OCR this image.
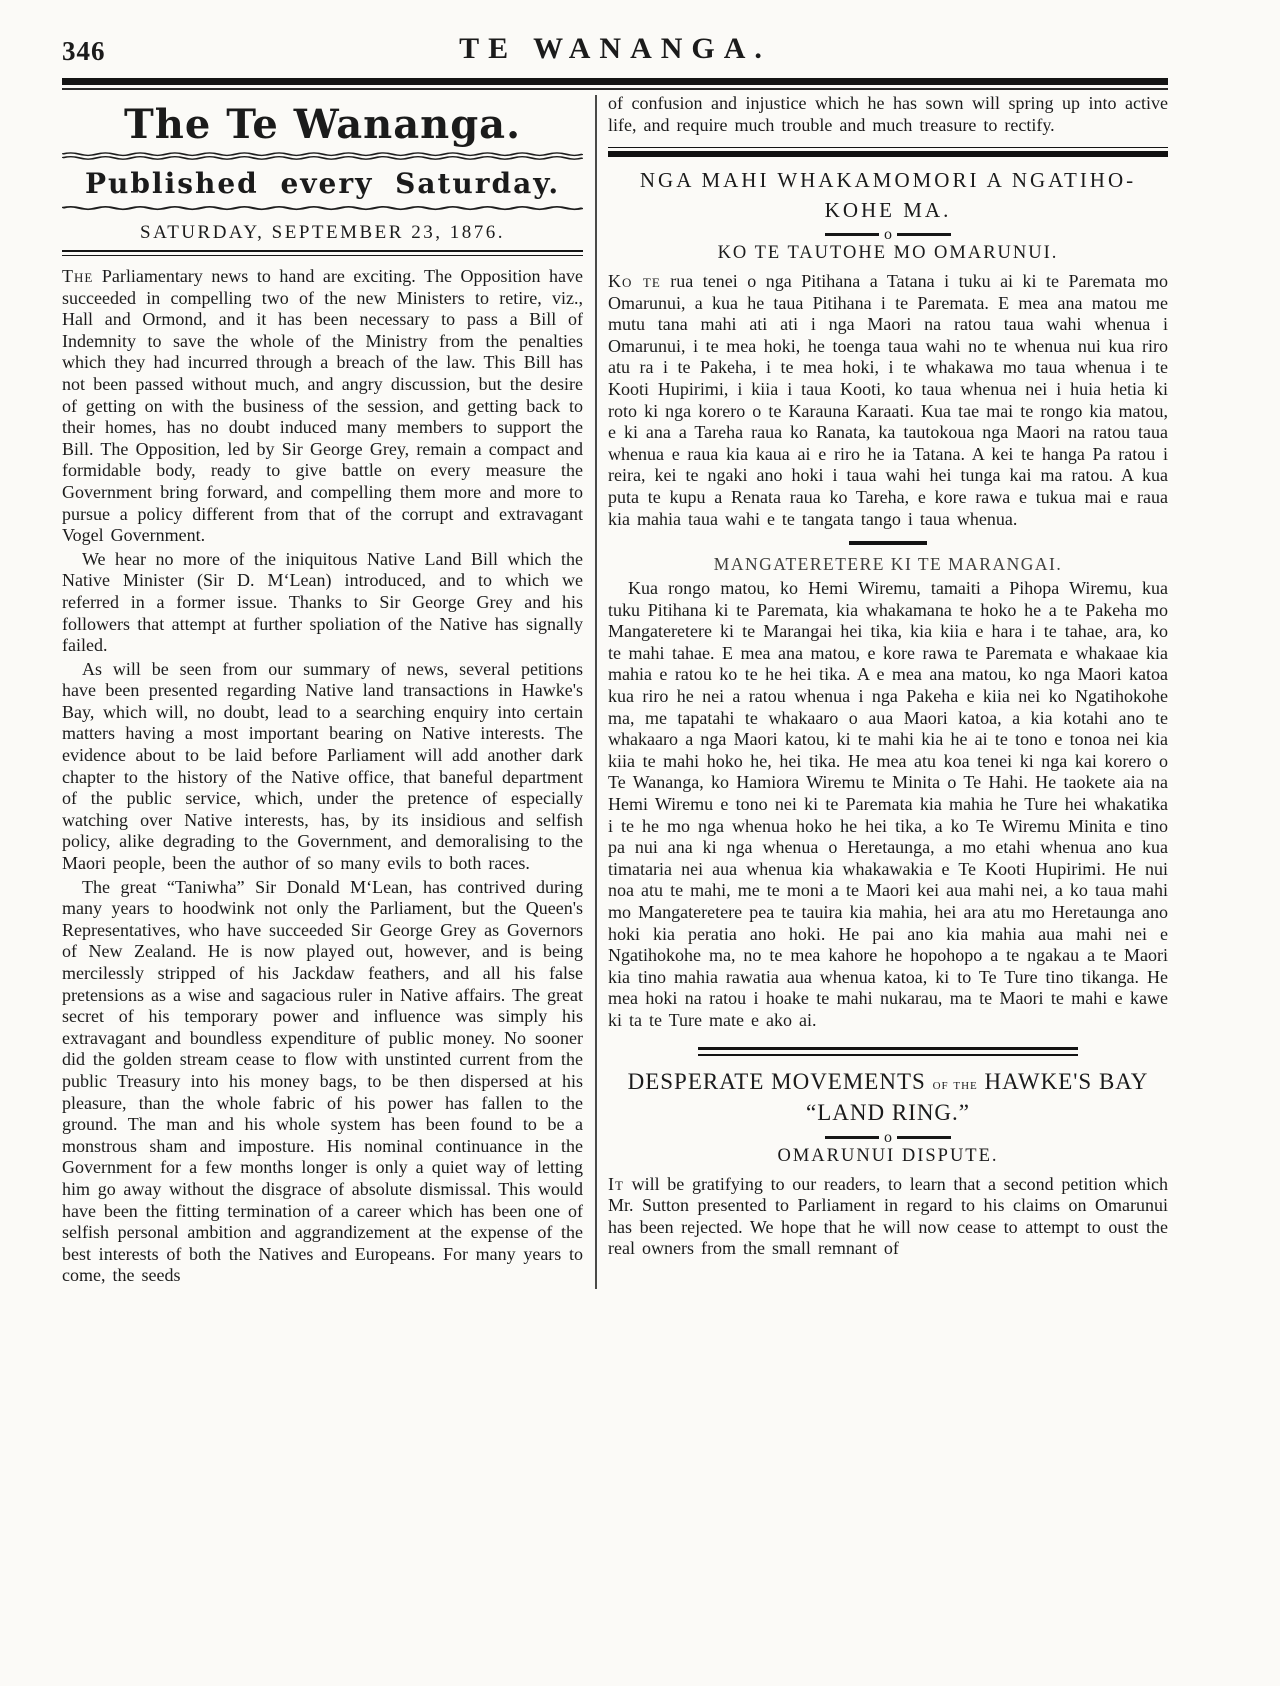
346	TE WANANGA.
The Te Wananga.
Published every Saturday.
SATURDAY, SEPTEMBER 23, 1876.

The Parliamentary news to hand are exciting. The Opposition have succeeded in compelling two of the new Ministers to retire, viz., Hall and Ormond, and it has been necessary to pass a Bill of Indemnity to save the whole of the Ministry from the penalties which they had incurred through a breach of the law. This Bill has not been passed without much, and angry discussion, but the desire of getting on with the business of the session, and getting back to their homes, has no doubt induced many members to support the Bill. The Opposition, led by Sir George Grey, remain a compact and formidable body, ready to give battle on every measure the Government bring forward, and compelling them more and more to pursue a policy different from that of the corrupt and extravagant Vogel Government.

We hear no more of the iniquitous Native Land Bill which the Native Minister (Sir D. M‘Lean) introduced, and to which we referred in a former issue. Thanks to Sir George Grey and his followers that attempt at further spoliation of the Native has signally failed.

As will be seen from our summary of news, several petitions have been presented regarding Native land transactions in Hawke's Bay, which will, no doubt, lead to a searching enquiry into certain matters having a most important bearing on Native interests. The evidence about to be laid before Parliament will add another dark chapter to the history of the Native office, that baneful department of the public service, which, under the pretence of especially watching over Native interests, has, by its insidious and selfish policy, alike degrading to the Government, and demoralising to the Maori people, been the author of so many evils to both races.

The great “Taniwha” Sir Donald M‘Lean, has contrived during many years to hoodwink not only the Parliament, but the Queen's Representatives, who have succeeded Sir George Grey as Governors of New Zealand. He is now played out, however, and is being mercilessly stripped of his Jackdaw feathers, and all his false pretensions as a wise and sagacious ruler in Native affairs. The great secret of his temporary power and influence was simply his extravagant and boundless expenditure of public money. No sooner did the golden stream cease to flow with unstinted current from the public Treasury into his money bags, to be then dispersed at his pleasure, than the whole fabric of his power has fallen to the ground. The man and his whole system has been found to be a monstrous sham and imposture. His nominal continuance in the Government for a few months longer is only a quiet way of letting him go away without the disgrace of absolute dismissal. This would have been the fitting termination of a career which has been one of selfish personal ambition and aggrandizement at the expense of the best interests of both the Natives and Europeans. For many years to come, the seeds

of confusion and injustice which he has sown will spring up into active life, and require much trouble and much treasure to rectify.

NGA MAHI WHAKAMOMORI A NGATIHO-KOHE MA.
o
KO TE TAUTOHE MO OMARUNUI.

Ko te rua tenei o nga Pitihana a Tatana i tuku ai ki te Paremata mo Omarunui, a kua he taua Pitihana i te Paremata. E mea ana matou me mutu tana mahi ati ati i nga Maori na ratou taua wahi whenua i Omarunui, i te mea hoki, he toenga taua wahi no te whenua nui kua riro atu ra i te Pakeha, i te mea hoki, i te whakawa mo taua whenua i te Kooti Hupirimi, i kiia i taua Kooti, ko taua whenua nei i huia hetia ki roto ki nga korero o te Karauna Karaati. Kua tae mai te rongo kia matou, e ki ana a Tareha raua ko Ranata, ka tautokoua nga Maori na ratou taua whenua e raua kia kaua ai e riro he ia Tatana. A kei te hanga Pa ratou i reira, kei te ngaki ano hoki i taua wahi hei tunga kai ma ratou. A kua puta te kupu a Renata raua ko Tareha, e kore rawa e tukua mai e raua kia mahia taua wahi e te tangata tango i taua whenua.

MANGATERETERE KI TE MARANGAI.

Kua rongo matou, ko Hemi Wiremu, tamaiti a Pihopa Wiremu, kua tuku Pitihana ki te Paremata, kia whakamana te hoko he a te Pakeha mo Mangateretere ki te Marangai hei tika, kia kiia e hara i te tahae, ara, ko te mahi tahae. E mea ana matou, e kore rawa te Paremata e whakaae kia mahia e ratou ko te he hei tika. A e mea ana matou, ko nga Maori katoa kua riro he nei a ratou whenua i nga Pakeha e kiia nei ko Ngatihokohe ma, me tapatahi te whakaaro o aua Maori katoa, a kia kotahi ano te whakaaro a nga Maori katou, ki te mahi kia he ai te tono e tonoa nei kia kiia te mahi hoko he, hei tika. He mea atu koa tenei ki nga kai korero o Te Wananga, ko Hamiora Wiremu te Minita o Te Hahi. He taokete aia na Hemi Wiremu e tono nei ki te Paremata kia mahia he Ture hei whakatika i te he mo nga whenua hoko he hei tika, a ko Te Wiremu Minita e tino pa nui ana ki nga whenua o Heretaunga, a mo etahi whenua ano kua timataria nei aua whenua kia whakawakia e Te Kooti Hupirimi. He nui noa atu te mahi, me te moni a te Maori kei aua mahi nei, a ko taua mahi mo Mangateretere pea te tauira kia mahia, hei ara atu mo Heretaunga ano hoki kia peratia ano hoki. He pai ano kia mahia aua mahi nei e Ngatihokohe ma, no te mea kahore he hopohopo a te ngakau a te Maori kia tino mahia rawatia aua whenua katoa, ki to Te Ture tino tikanga. He mea hoki na ratou i hoake te mahi nukarau, ma te Maori te mahi e kawe ki ta te Ture mate e ako ai.

DESPERATE MOVEMENTS of the HAWKE'S BAY “LAND RING.”
o
OMARUNUI DISPUTE.

It will be gratifying to our readers, to learn that a second petition which Mr. Sutton presented to Parliament in regard to his claims on Omarunui has been rejected. We hope that he will now cease to attempt to oust the real owners from the small remnant of
